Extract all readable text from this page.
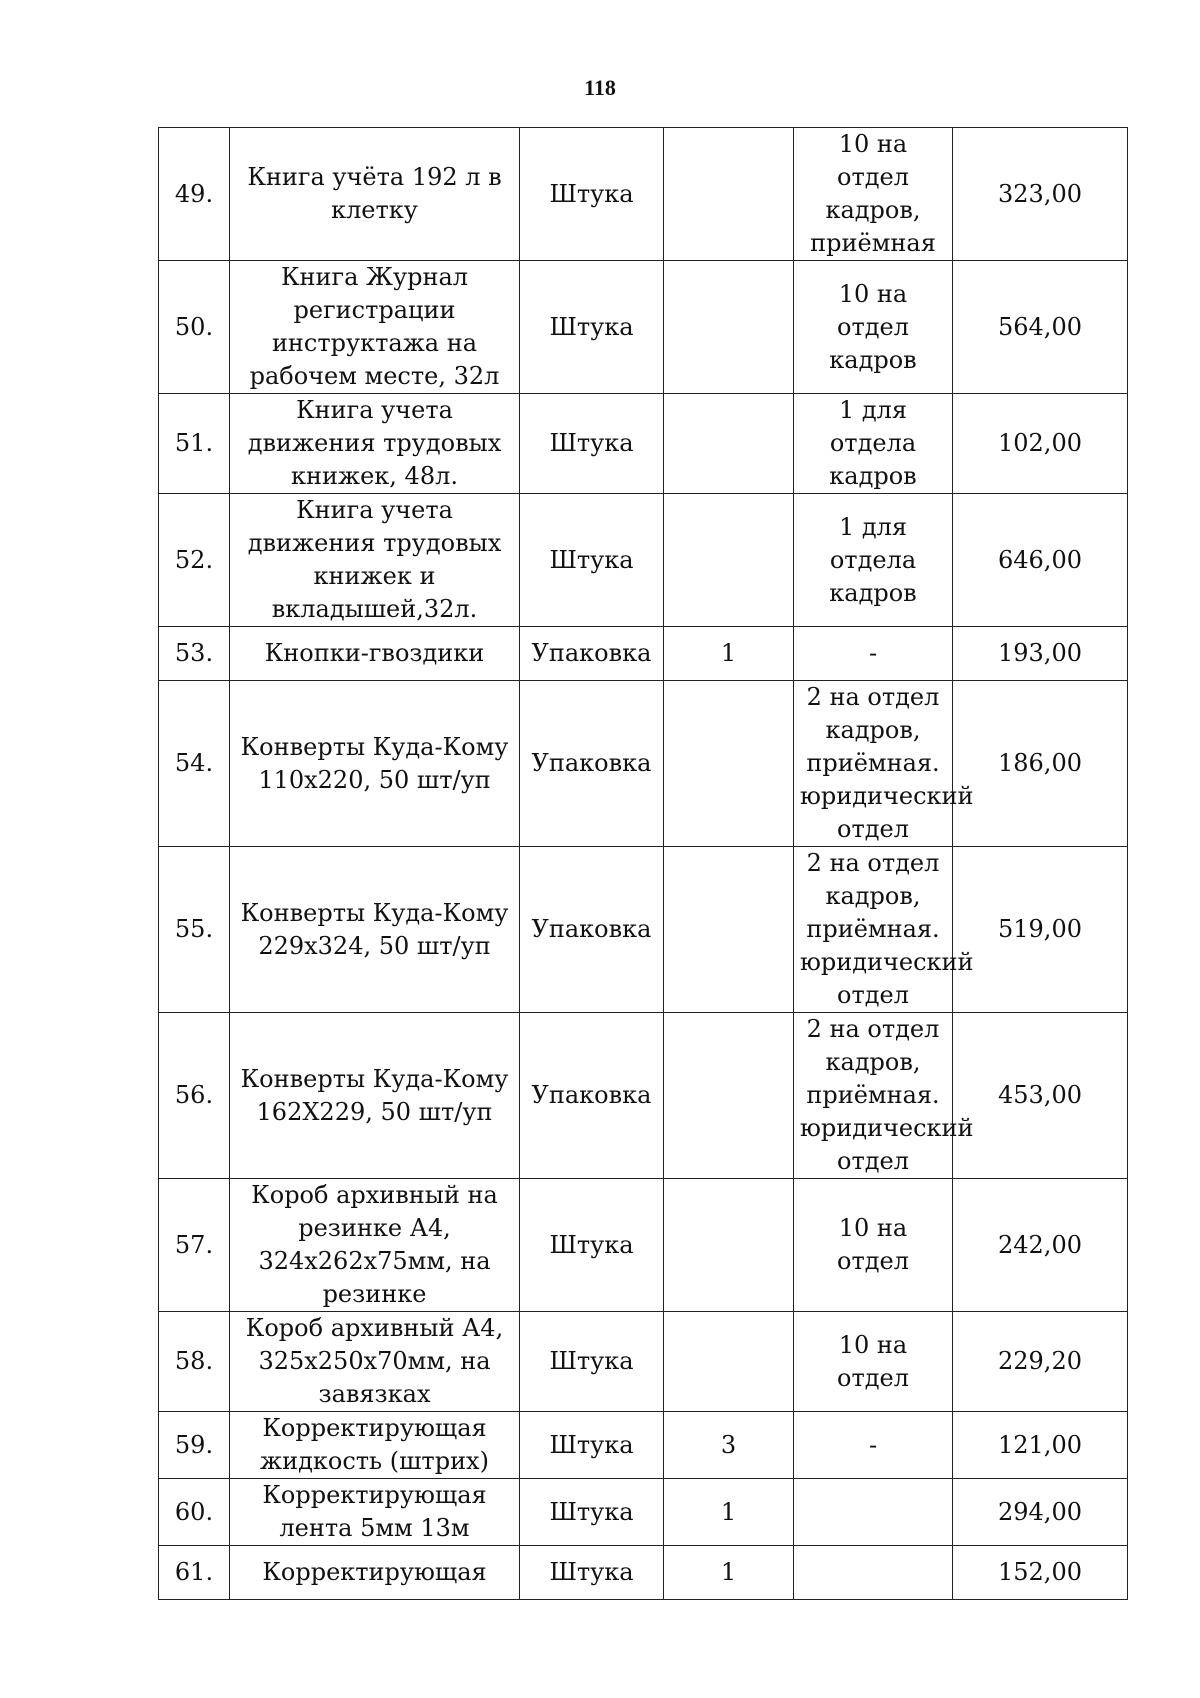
118
49.	Книга учёта 192 л в клетку	Штука		10 на отдел кадров, приёмная	323,00
50.	Книга Журнал регистрации инструктажа на рабочем месте, 32л	Штука		10 на отдел кадров	564,00
51.	Книга учета движения трудовых книжек, 48л.	Штука		1 для отдела кадров	102,00
52.	Книга учета движения трудовых книжек и вкладышей,32л.	Штука		1 для отдела кадров	646,00
53.	Кнопки-гвоздики	Упаковка	1	-	193,00
54.	Конверты Куда-Кому 110x220, 50 шт/уп	Упаковка		2 на отдел кадров, приёмная. юридический отдел	186,00
55.	Конверты Куда-Кому 229x324, 50 шт/уп	Упаковка		2 на отдел кадров, приёмная. юридический отдел	519,00
56.	Конверты Куда-Кому 162X229, 50 шт/уп	Упаковка		2 на отдел кадров, приёмная. юридический отдел	453,00
57.	Короб архивный на резинке А4, 324x262x75мм, на резинке	Штука		10 на отдел	242,00
58.	Короб архивный А4, 325x250x70мм, на завязках	Штука		10 на отдел	229,20
59.	Корректирующая жидкость (штрих)	Штука	3	-	121,00
60.	Корректирующая лента 5мм 13м	Штука	1		294,00
61.	Корректирующая	Штука	1		152,00
